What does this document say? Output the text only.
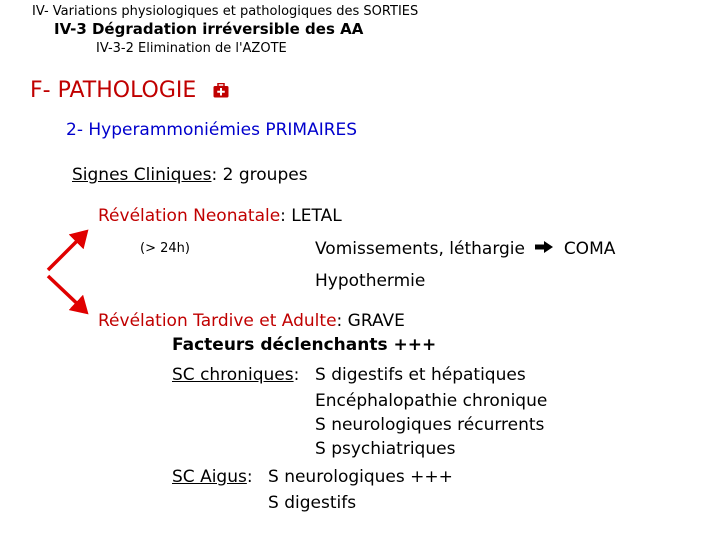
IV- Variations physiologiques et pathologiques des SORTIES
IV-3 Dégradation irréversible des AA
IV-3-2 Elimination de l'AZOTE
F- PATHOLOGIE
2- Hyperammoniémies PRIMAIRES
Signes Cliniques: 2 groupes
Révélation Neonatale: LETAL
(> 24h)	Vomissements, léthargie COMA
Hypothermie
Révélation Tardive et Adulte: GRAVE
Facteurs déclenchants +++
SC chroniques: S digestifs et hépatiques
Encéphalopathie chronique
S neurologiques récurrents
S psychiatriques
SC Aigus: S neurologiques +++
S digestifs
